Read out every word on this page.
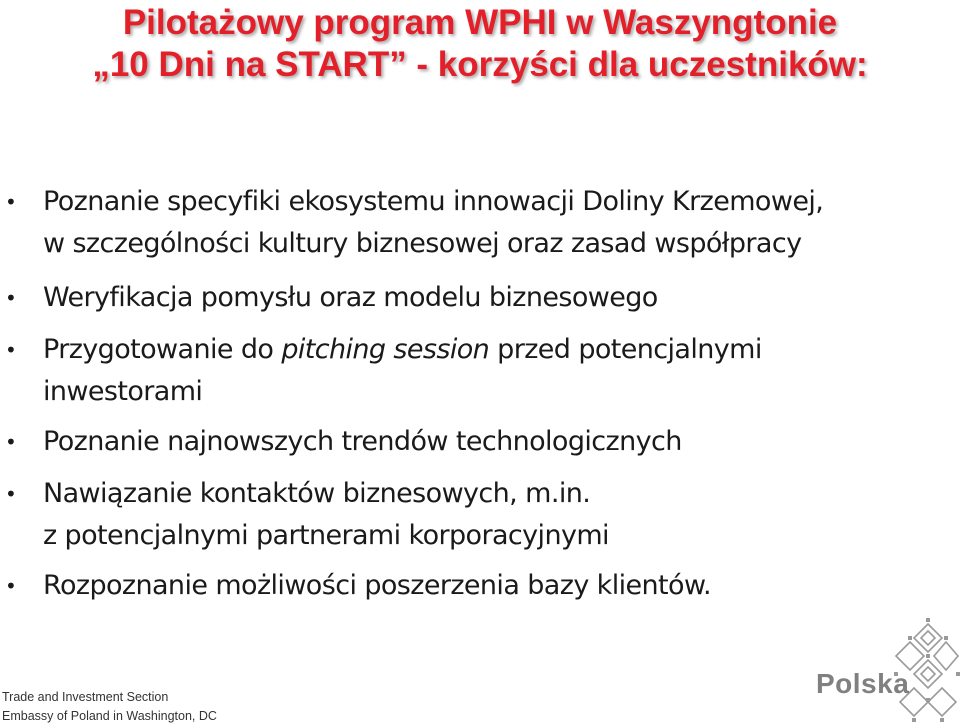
Pilotażowy program WPHI w Waszyngtonie
„10 Dni na START” - korzyści dla uczestników:
• Poznanie specyfiki ekosystemu innowacji Doliny Krzemowej,
w szczególności kultury biznesowej oraz zasad współpracy
• Weryfikacja pomysłu oraz modelu biznesowego
• Przygotowanie do pitching session przed potencjalnymi
inwestorami
• Poznanie najnowszych trendów technologicznych
• Nawiązanie kontaktów biznesowych, m.in.
z potencjalnymi partnerami korporacyjnymi
• Rozpoznanie możliwości poszerzenia bazy klientów.
Trade and Investment Section
Embassy of Poland in Washington, DC
Polska
